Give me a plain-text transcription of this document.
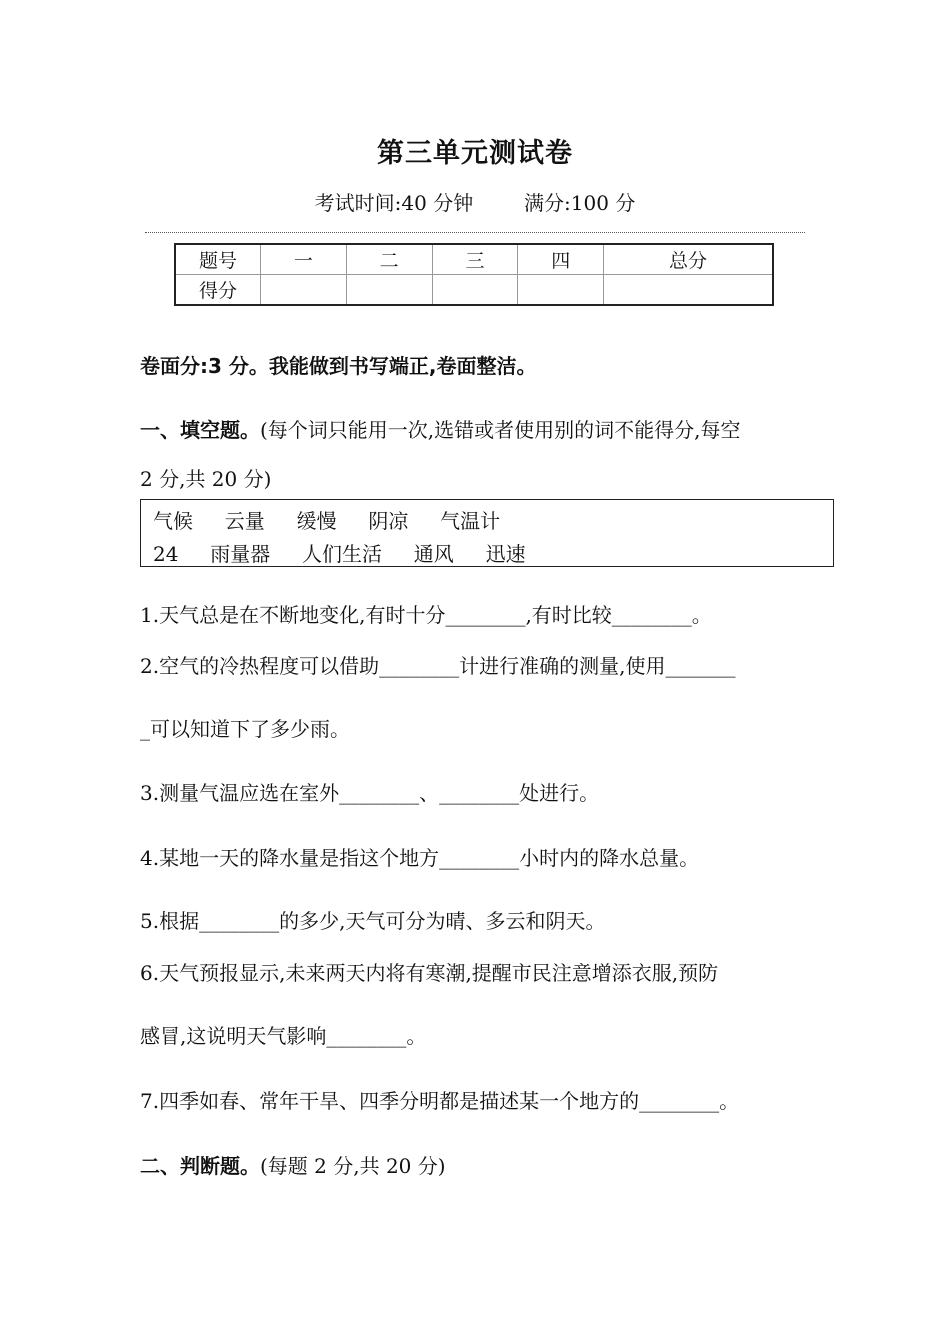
第三单元测试卷
考试时间:40 分钟        满分:100 分
题号	一	二	三	四	总分
得分					
卷面分:3 分。我能做到书写端正,卷面整洁。
一、填空题。(每个词只能用一次,选错或者使用别的词不能得分,每空
2 分,共 20 分)
气候     云量     缓慢     阴凉     气温计
24     雨量器     人们生活     通风     迅速
1.天气总是在不断地变化,有时十分________,有时比较________。
2.空气的冷热程度可以借助________计进行准确的测量,使用_______
_可以知道下了多少雨。
3.测量气温应选在室外________、________处进行。
4.某地一天的降水量是指这个地方________小时内的降水总量。
5.根据________的多少,天气可分为晴、多云和阴天。
6.天气预报显示,未来两天内将有寒潮,提醒市民注意增添衣服,预防
感冒,这说明天气影响________。
7.四季如春、常年干旱、四季分明都是描述某一个地方的________。
二、判断题。(每题 2 分,共 20 分)
